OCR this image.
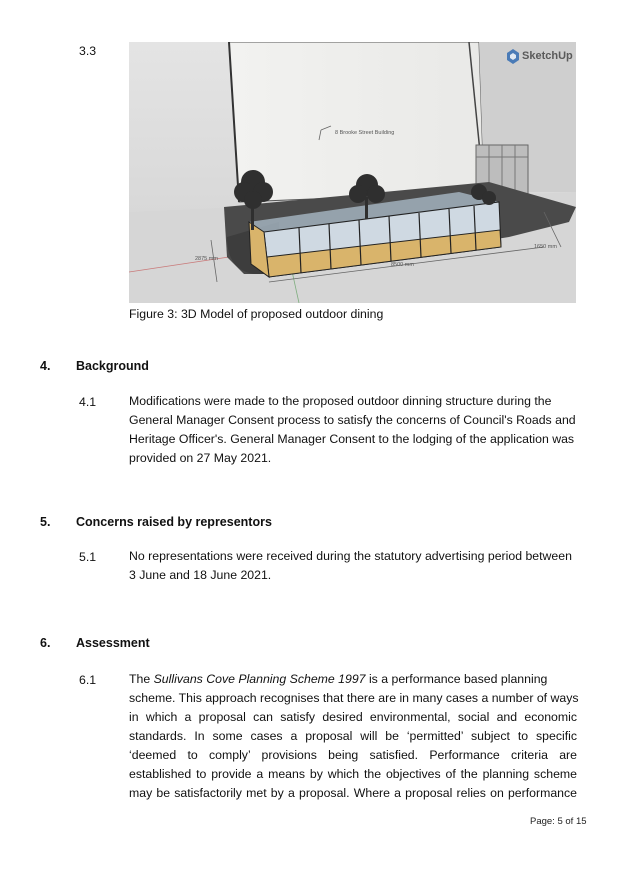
3.3	SketchUp
8 Brooke Street Building
8500 mm
1650 mm
2875 mm
Figure 3: 3D Model of proposed outdoor dining
4. Background
4.1	Modifications were made to the proposed outdoor dinning structure during the
General Manager Consent process to satisfy the concerns of Council's Roads and
Heritage Officer's. General Manager Consent to the lodging of the application was
provided on 27 May 2021.
5. Concerns raised by representors
5.1	No representations were received during the statutory advertising period between
3 June and 18 June 2021.
6. Assessment
6.1	The Sullivans Cove Planning Scheme 1997 is a performance based planning
scheme. This approach recognises that there are in many cases a number of ways
in which a proposal can satisfy desired environmental, social and economic
standards. In some cases a proposal will be ‘permitted’ subject to specific
‘deemed to comply’ provisions being satisfied. Performance criteria are
established to provide a means by which the objectives of the planning scheme
may be satisfactorily met by a proposal. Where a proposal relies on performance
Page: 5 of 15
